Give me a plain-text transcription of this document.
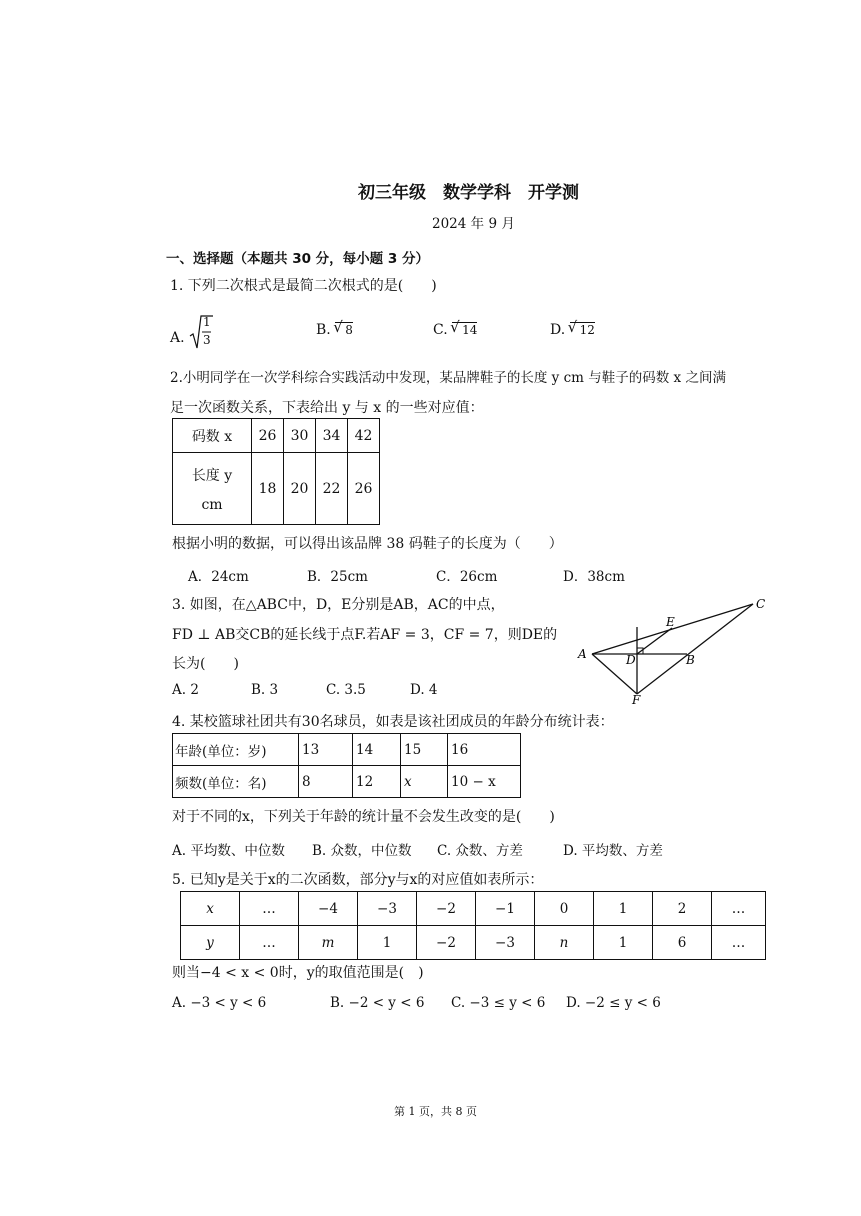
初三年级　数学学科　开学测
2024 年 9 月
一、选择题（本题共 30 分，每小题 3 分）
1. 下列二次根式是最简二次根式的是(　　)
A.
1
3
B. √ 8	C. √ 14	D. √ 12
2.小明同学在一次学科综合实践活动中发现，某品牌鞋子的长度 y cm 与鞋子的码数 x 之间满
足一次函数关系，下表给出 y 与 x 的一些对应值：
码数 x	26	30	34	42

长度 y
cm	18	20	22	26
根据小明的数据，可以得出该品牌 38 码鞋子的长度为（　　）
A．24cm	B．25cm	C．26cm	D．38cm
3. 如图，在△ABC中，D，E分别是AB，AC的中点，
FD ⊥ AB交CB的延长线于点F.若AF = 3，CF = 7，则DE的
长为(　　)
A. 2	B. 3	C. 3.5	D. 4
A	B
C
D
E
F
4. 某校篮球社团共有30名球员，如表是该社团成员的年龄分布统计表：
年龄(单位：岁)	13	14	15	16
频数(单位：名)	8	12	x	10 − x
对于不同的x，下列关于年龄的统计量不会发生改变的是(　　)
A. 平均数、中位数 B. 众数，中位数 C. 众数、方差	D. 平均数、方差
5. 已知y是关于x的二次函数，部分y与x的对应值如表所示：
x	…	−4	−3	−2	−1	0	1	2	…
y	…	m	1	−2	−3	n	1	6	…
则当−4 < x < 0时，y的取值范围是(　)
A. −3 < y < 6	B. −2 < y < 6 C. −3 ≤ y < 6 D. −2 ≤ y < 6
第 1 页，共 8 页
